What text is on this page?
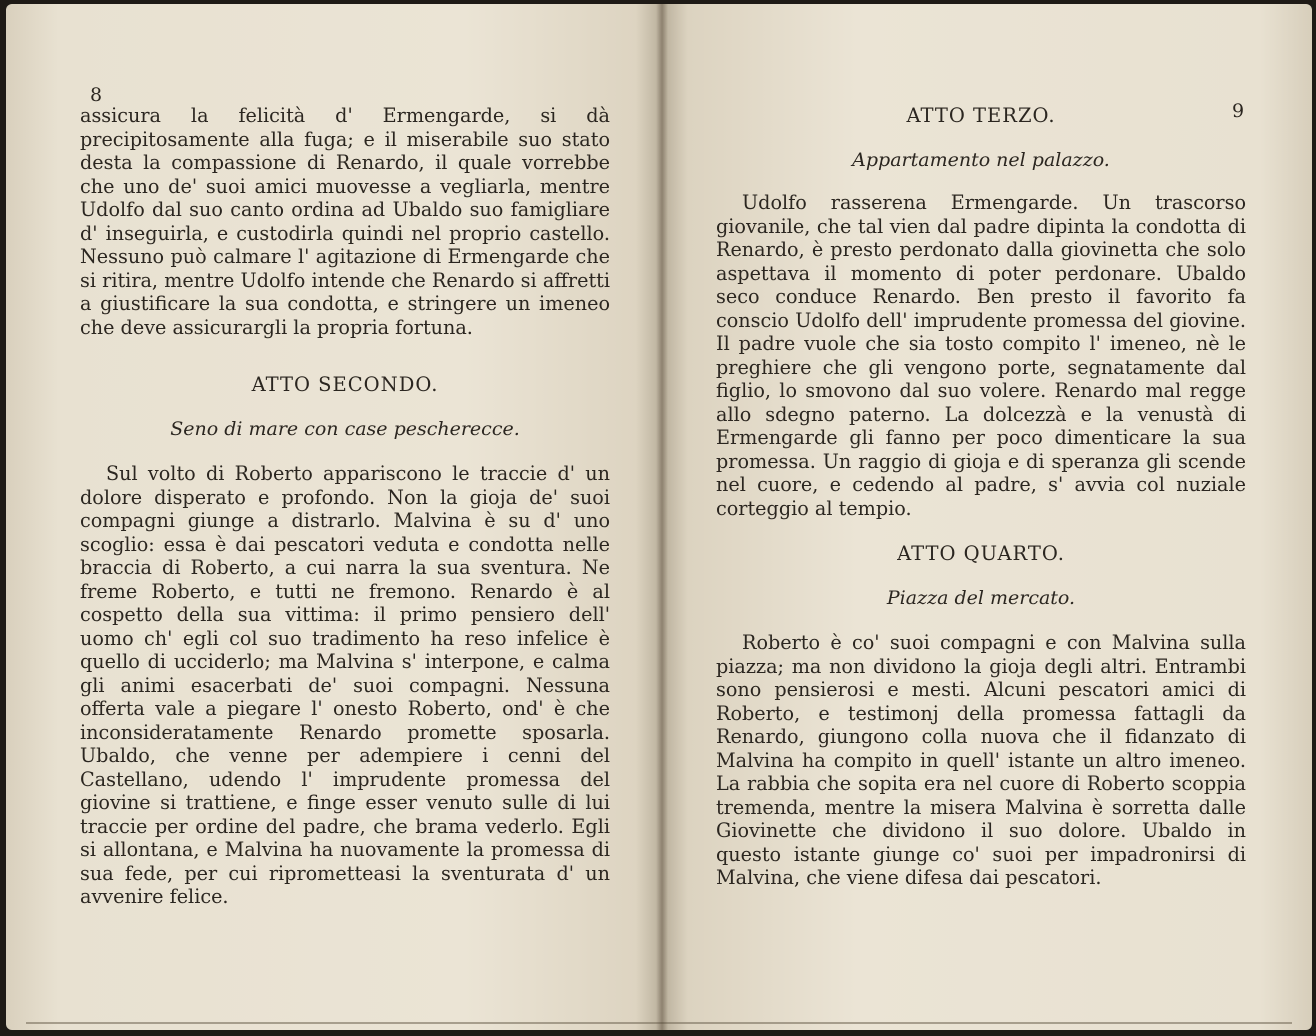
8

assicura la felicità d' Ermengarde, si dà precipitosamente alla fuga; e il miserabile suo stato desta la compassione di Renardo, il quale vorrebbe che uno de' suoi amici muovesse a vegliarla, mentre Udolfo dal suo canto ordina ad Ubaldo suo famigliare d' inseguirla, e custodirla quindi nel proprio castello. Nessuno può calmare l' agitazione di Ermengarde che si ritira, mentre Udolfo intende che Renardo si affretti a giustificare la sua condotta, e stringere un imeneo che deve assicurargli la propria fortuna.

ATTO SECONDO.

Seno di mare con case pescherecce.

Sul volto di Roberto appariscono le traccie d' un dolore disperato e profondo. Non la gioja de' suoi compagni giunge a distrarlo. Malvina è su d' uno scoglio: essa è dai pescatori veduta e condotta nelle braccia di Roberto, a cui narra la sua sventura. Ne freme Roberto, e tutti ne fremono. Renardo è al cospetto della sua vittima: il primo pensiero dell' uomo ch' egli col suo tradimento ha reso infelice è quello di ucciderlo; ma Malvina s' interpone, e calma gli animi esacerbati de' suoi compagni. Nessuna offerta vale a piegare l' onesto Roberto, ond' è che inconsideratamente Renardo promette sposarla. Ubaldo, che venne per adempiere i cenni del Castellano, udendo l' imprudente promessa del giovine si trattiene, e finge esser venuto sulle di lui traccie per ordine del padre, che brama vederlo. Egli si allontana, e Malvina ha nuovamente la promessa di sua fede, per cui riprometteasi la sventurata d' un avvenire felice.

9

ATTO TERZO.

Appartamento nel palazzo.

Udolfo rasserena Ermengarde. Un trascorso giovanile, che tal vien dal padre dipinta la condotta di Renardo, è presto perdonato dalla giovinetta che solo aspettava il momento di poter perdonare. Ubaldo seco conduce Renardo. Ben presto il favorito fa conscio Udolfo dell' imprudente promessa del giovine. Il padre vuole che sia tosto compito l' imeneo, nè le preghiere che gli vengono porte, segnatamente dal figlio, lo smovono dal suo volere. Renardo mal regge allo sdegno paterno. La dolcezzà e la venustà di Ermengarde gli fanno per poco dimenticare la sua promessa. Un raggio di gioja e di speranza gli scende nel cuore, e cedendo al padre, s' avvia col nuziale corteggio al tempio.

ATTO QUARTO.

Piazza del mercato.

Roberto è co' suoi compagni e con Malvina sulla piazza; ma non dividono la gioja degli altri. Entrambi sono pensierosi e mesti. Alcuni pescatori amici di Roberto, e testimonj della promessa fattagli da Renardo, giungono colla nuova che il fidanzato di Malvina ha compito in quell' istante un altro imeneo. La rabbia che sopita era nel cuore di Roberto scoppia tremenda, mentre la misera Malvina è sorretta dalle Giovinette che dividono il suo dolore. Ubaldo in questo istante giunge co' suoi per impadronirsi di Malvina, che viene difesa dai pescatori.
